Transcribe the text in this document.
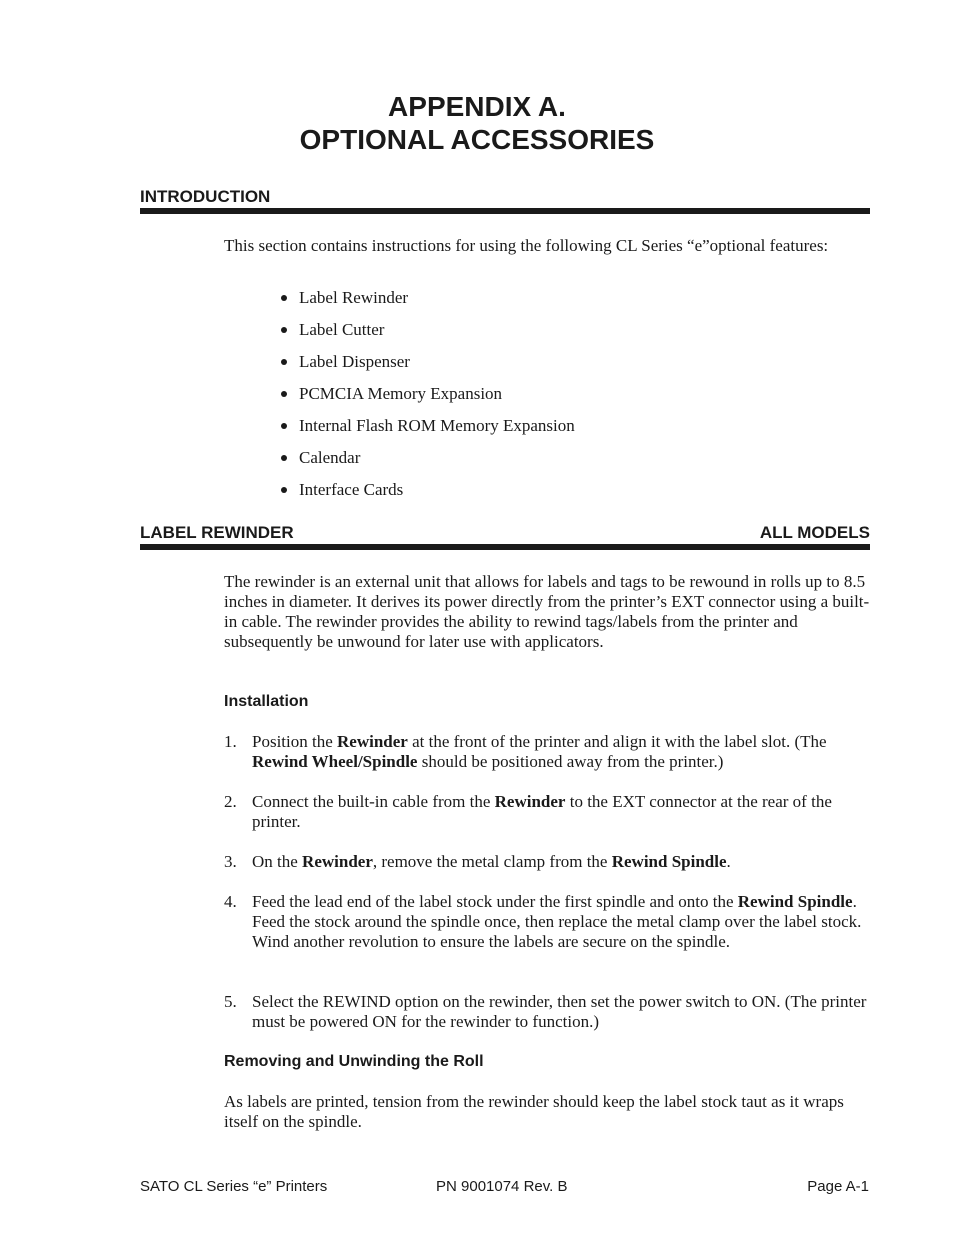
APPENDIX A.
OPTIONAL ACCESSORIES
INTRODUCTION
This section contains instructions for using the following CL Series “e”optional features:
Label Rewinder
Label Cutter
Label Dispenser
PCMCIA Memory Expansion
Internal Flash ROM Memory Expansion
Calendar
Interface Cards
LABEL REWINDER	ALL MODELS
The rewinder is an external unit that allows for labels and tags to be rewound in rolls up to 8.5 inches in diameter. It derives its power directly from the printer’s EXT connector using a built-in cable. The rewinder provides the ability to rewind tags/labels from the printer and subsequently be unwound for later use with applicators.
Installation
1. Position the Rewinder at the front of the printer and align it with the label slot. (The Rewind Wheel/Spindle should be positioned away from the printer.)
2. Connect the built-in cable from the Rewinder to the EXT connector at the rear of the printer.
3. On the Rewinder, remove the metal clamp from the Rewind Spindle.
4. Feed the lead end of the label stock under the first spindle and onto the Rewind Spindle. Feed the stock around the spindle once, then replace the metal clamp over the label stock. Wind another revolution to ensure the labels are secure on the spindle.
5. Select the REWIND option on the rewinder, then set the power switch to ON. (The printer must be powered ON for the rewinder to function.)
Removing and Unwinding the Roll
As labels are printed, tension from the rewinder should keep the label stock taut as it wraps itself on the spindle.
SATO CL Series “e” Printers	PN 9001074 Rev. B	Page A-1
